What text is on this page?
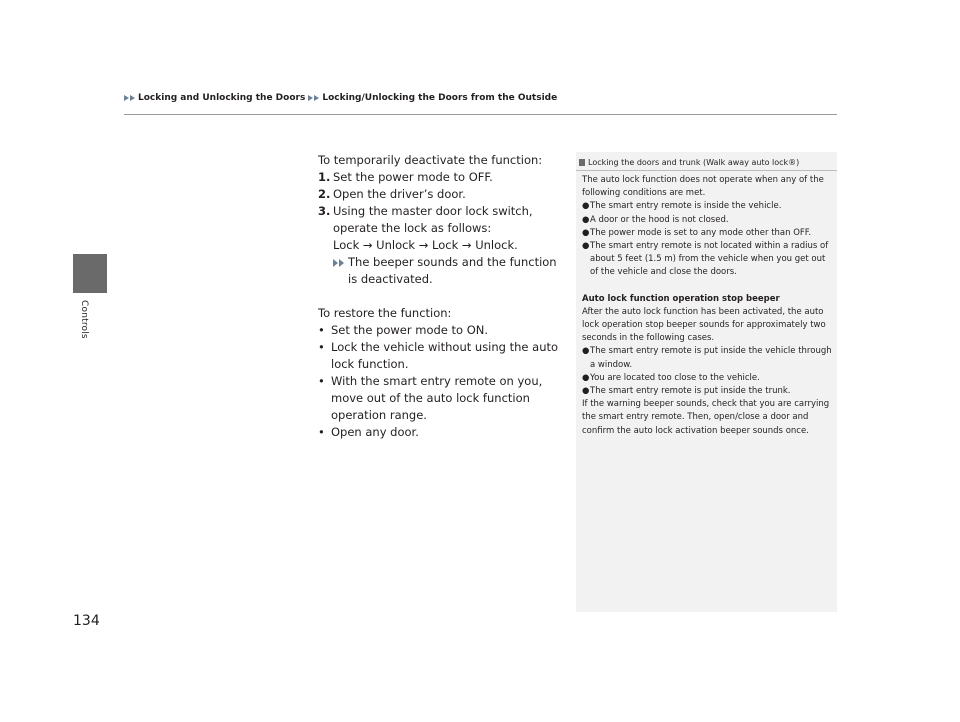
Locking and Unlocking the Doors Locking/Unlocking the Doors from the Outside
Controls
134

To temporarily deactivate the function:

1. Set the power mode to OFF.
2. Open the driver’s door.
3. Using the master door lock switch, operate the lock as follows:

Lock → Unlock → Lock → Unlock.

The beeper sounds and the function is deactivated.

To restore the function:

• Set the power mode to ON.
• Lock the vehicle without using the auto lock function.
• With the smart entry remote on you, move out of the auto lock function operation range.
• Open any door.
Locking the doors and trunk (Walk away auto lock®)

The auto lock function does not operate when any of the following conditions are met.

● The smart entry remote is inside the vehicle.
● A door or the hood is not closed.
● The power mode is set to any mode other than OFF.
● The smart entry remote is not located within a radius of about 5 feet (1.5 m) from the vehicle when you get out of the vehicle and close the doors.

Auto lock function operation stop beeper

After the auto lock function has been activated, the auto lock operation stop beeper sounds for approximately two seconds in the following cases.

● The smart entry remote is put inside the vehicle through a window.
● You are located too close to the vehicle.
● The smart entry remote is put inside the trunk.

If the warning beeper sounds, check that you are carrying the smart entry remote. Then, open/close a door and confirm the auto lock activation beeper sounds once.
